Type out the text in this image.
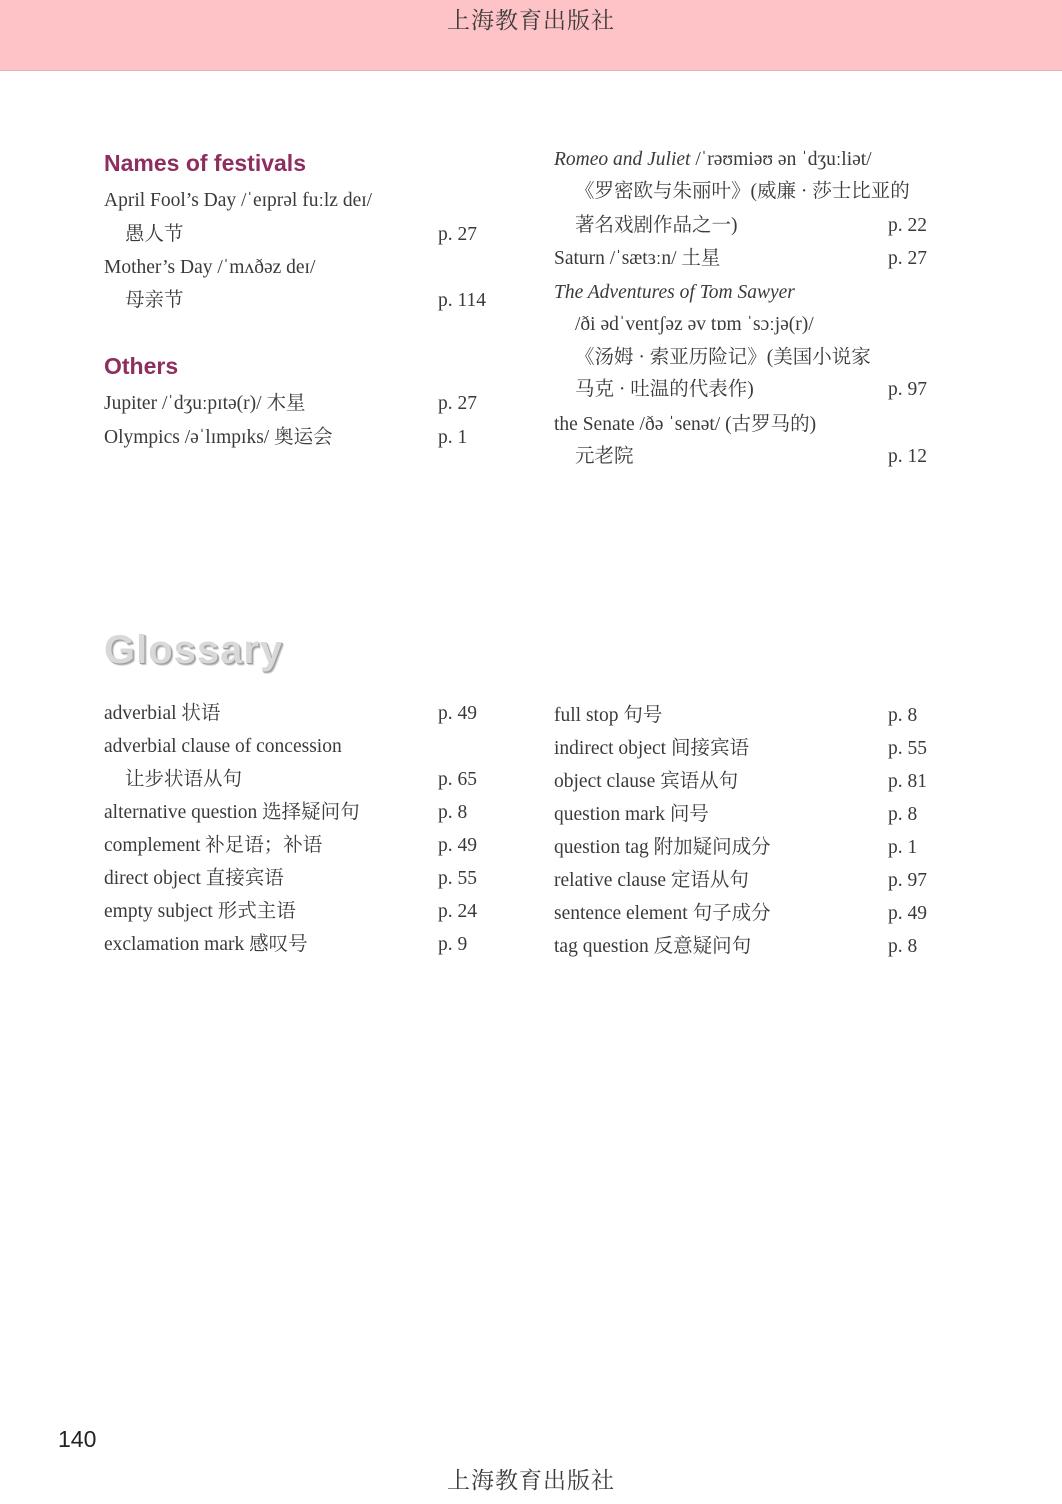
上海教育出版社
Names of festivals
April Fool’s Day /ˈeɪprəl fuːlz deɪ/
愚人节	p. 27
Mother’s Day /ˈmʌðəz deɪ/
母亲节	p. 114
Others
Jupiter /ˈdʒuːpɪtə(r)/ 木星	p. 27
Olympics /əˈlɪmpɪks/ 奥运会	p. 1
Romeo and Juliet /ˈrəʊmiəʊ ən ˈdʒuːliət/
《罗密欧与朱丽叶》(威廉 · 莎士比亚的
著名戏剧作品之一)	p. 22
Saturn /ˈsætɜːn/ 土星	p. 27
The Adventures of Tom Sawyer
/ði ədˈventʃəz əv tɒm ˈsɔːjə(r)/
《汤姆 · 索亚历险记》(美国小说家
马克 · 吐温的代表作)	p. 97
the Senate /ðə ˈsenət/ (古罗马的)
元老院	p. 12
Glossary
adverbial 状语	p. 49
adverbial clause of concession
让步状语从句	p. 65
alternative question 选择疑问句	p. 8
complement 补足语；补语	p. 49
direct object 直接宾语	p. 55
empty subject 形式主语	p. 24
exclamation mark 感叹号	p. 9
full stop 句号	p. 8
indirect object 间接宾语	p. 55
object clause 宾语从句	p. 81
question mark 问号	p. 8
question tag 附加疑问成分	p. 1
relative clause 定语从句	p. 97
sentence element 句子成分	p. 49
tag question 反意疑问句	p. 8
140
上海教育出版社
